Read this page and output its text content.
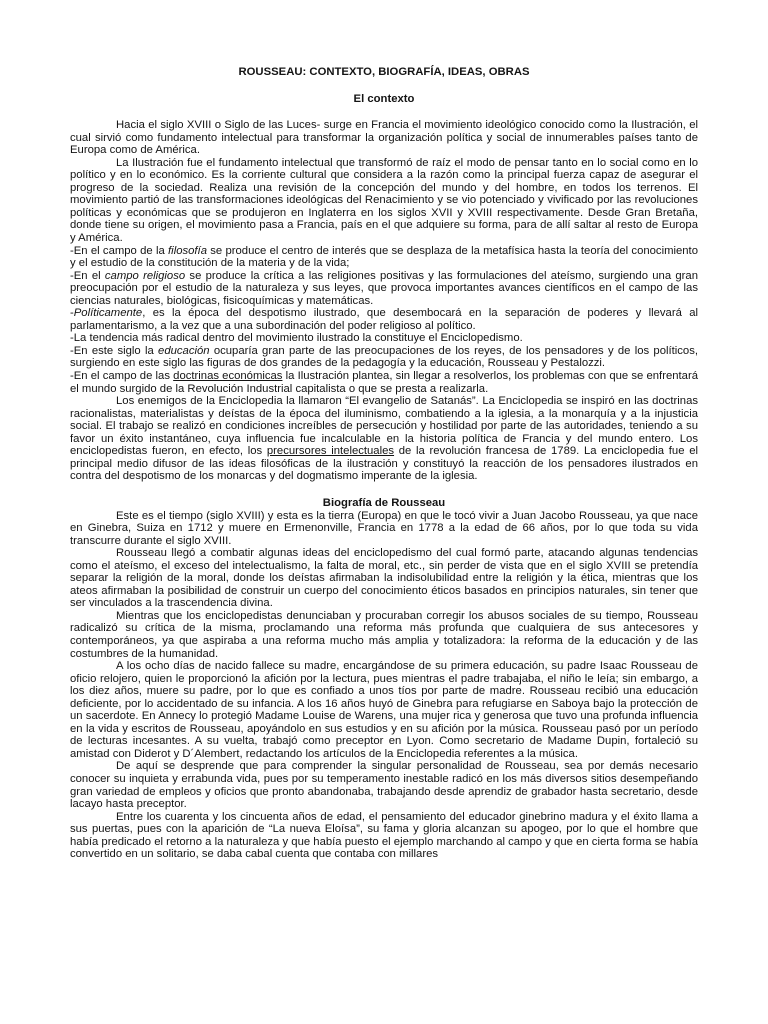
ROUSSEAU: CONTEXTO, BIOGRAFÍA, IDEAS, OBRAS
El contexto

Hacia el siglo XVIII o Siglo de las Luces- surge en Francia el movimiento ideológico conocido como la Ilustración, el cual sirvió como fundamento intelectual para transformar la organización política y social de innumerables países tanto de Europa como de América.

La Ilustración fue el fundamento intelectual que transformó de raíz el modo de pensar tanto en lo social como en lo político y en lo económico. Es la corriente cultural que considera a la razón como la principal fuerza capaz de asegurar el progreso de la sociedad. Realiza una revisión de la concepción del mundo y del hombre, en todos los terrenos. El movimiento partió de las transformaciones ideológicas del Renacimiento y se vio potenciado y vivificado por las revoluciones políticas y económicas que se produjeron en Inglaterra en los siglos XVII y XVIII respectivamente. Desde Gran Bretaña, donde tiene su origen, el movimiento pasa a Francia, país en el que adquiere su forma, para de allí saltar al resto de Europa y América.

-En el campo de la filosofía se produce el centro de interés que se desplaza de la metafísica hasta la teoría del conocimiento y el estudio de la constitución de la materia y de la vida;

-En el campo religioso se produce la crítica a las religiones positivas y las formulaciones del ateísmo, surgiendo una gran preocupación por el estudio de la naturaleza y sus leyes, que provoca importantes avances científicos en el campo de las ciencias naturales, biológicas, fisicoquímicas y matemáticas.

-Políticamente, es la época del despotismo ilustrado, que desembocará en la separación de poderes y llevará al parlamentarismo, a la vez que a una subordinación del poder religioso al político.

-La tendencia más radical dentro del movimiento ilustrado la constituye el Enciclopedismo.

-En este siglo la educación ocuparía gran parte de las preocupaciones de los reyes, de los pensadores y de los políticos, surgiendo en este siglo las figuras de dos grandes de la pedagogía y la educación, Rousseau y Pestalozzi.

-En el campo de las doctrinas económicas la Ilustración plantea, sin llegar a resolverlos, los problemas con que se enfrentará el mundo surgido de la Revolución Industrial capitalista o que se presta a realizarla.

Los enemigos de la Enciclopedia la llamaron “El evangelio de Satanás”. La Enciclopedia se inspiró en las doctrinas racionalistas, materialistas y deístas de la época del iluminismo, combatiendo a la iglesia, a la monarquía y a la injusticia social. El trabajo se realizó en condiciones increíbles de persecución y hostilidad por parte de las autoridades, teniendo a su favor un éxito instantáneo, cuya influencia fue incalculable en la historia política de Francia y del mundo entero. Los enciclopedistas fueron, en efecto, los precursores intelectuales de la revolución francesa de 1789. La enciclopedia fue el principal medio difusor de las ideas filosóficas de la ilustración y constituyó la reacción de los pensadores ilustrados en contra del despotismo de los monarcas y del dogmatismo imperante de la iglesia.

Biografía de Rousseau

Este es el tiempo (siglo XVIII) y esta es la tierra (Europa) en que le tocó vivir a Juan Jacobo Rousseau, ya que nace en Ginebra, Suiza en 1712 y muere en Ermenonville, Francia en 1778 a la edad de 66 años, por lo que toda su vida transcurre durante el siglo XVIII.

Rousseau llegó a combatir algunas ideas del enciclopedismo del cual formó parte, atacando algunas tendencias como el ateísmo, el exceso del intelectualismo, la falta de moral, etc., sin perder de vista que en el siglo XVIII se pretendía separar la religión de la moral, donde los deístas afirmaban la indisolubilidad entre la religión y la ética, mientras que los ateos afirmaban la posibilidad de construir un cuerpo del conocimiento éticos basados en principios naturales, sin tener que ser vinculados a la trascendencia divina.

Mientras que los enciclopedistas denunciaban y procuraban corregir los abusos sociales de su tiempo, Rousseau radicalizó su crítica de la misma, proclamando una reforma más profunda que cualquiera de sus antecesores y contemporáneos, ya que aspiraba a una reforma mucho más amplia y totalizadora: la reforma de la educación y de las costumbres de la humanidad.

A los ocho días de nacido fallece su madre, encargándose de su primera educación, su padre Isaac Rousseau de oficio relojero, quien le proporcionó la afición por la lectura, pues mientras el padre trabajaba, el niño le leía; sin embargo, a los diez años, muere su padre, por lo que es confiado a unos tíos por parte de madre. Rousseau recibió una educación deficiente, por lo accidentado de su infancia. A los 16 años huyó de Ginebra para refugiarse en Saboya bajo la protección de un sacerdote. En Annecy lo protegió Madame Louise de Warens, una mujer rica y generosa que tuvo una profunda influencia en la vida y escritos de Rousseau, apoyándolo en sus estudios y en su afición por la música. Rousseau pasó por un período de lecturas incesantes. A su vuelta, trabajó como preceptor en Lyon. Como secretario de Madame Dupin, fortaleció su amistad con Diderot y D´Alembert, redactando los artículos de la Enciclopedia referentes a la música.

De aquí se desprende que para comprender la singular personalidad de Rousseau, sea por demás necesario conocer su inquieta y errabunda vida, pues por su temperamento inestable radicó en los más diversos sitios desempeñando gran variedad de empleos y oficios que pronto abandonaba, trabajando desde aprendiz de grabador hasta secretario, desde lacayo hasta preceptor.

Entre los cuarenta y los cincuenta años de edad, el pensamiento del educador ginebrino madura y el éxito llama a sus puertas, pues con la aparición de “La nueva Eloísa”, su fama y gloria alcanzan su apogeo, por lo que el hombre que había predicado el retorno a la naturaleza y que había puesto el ejemplo marchando al campo y que en cierta forma se había convertido en un solitario, se daba cabal cuenta que contaba con millares
